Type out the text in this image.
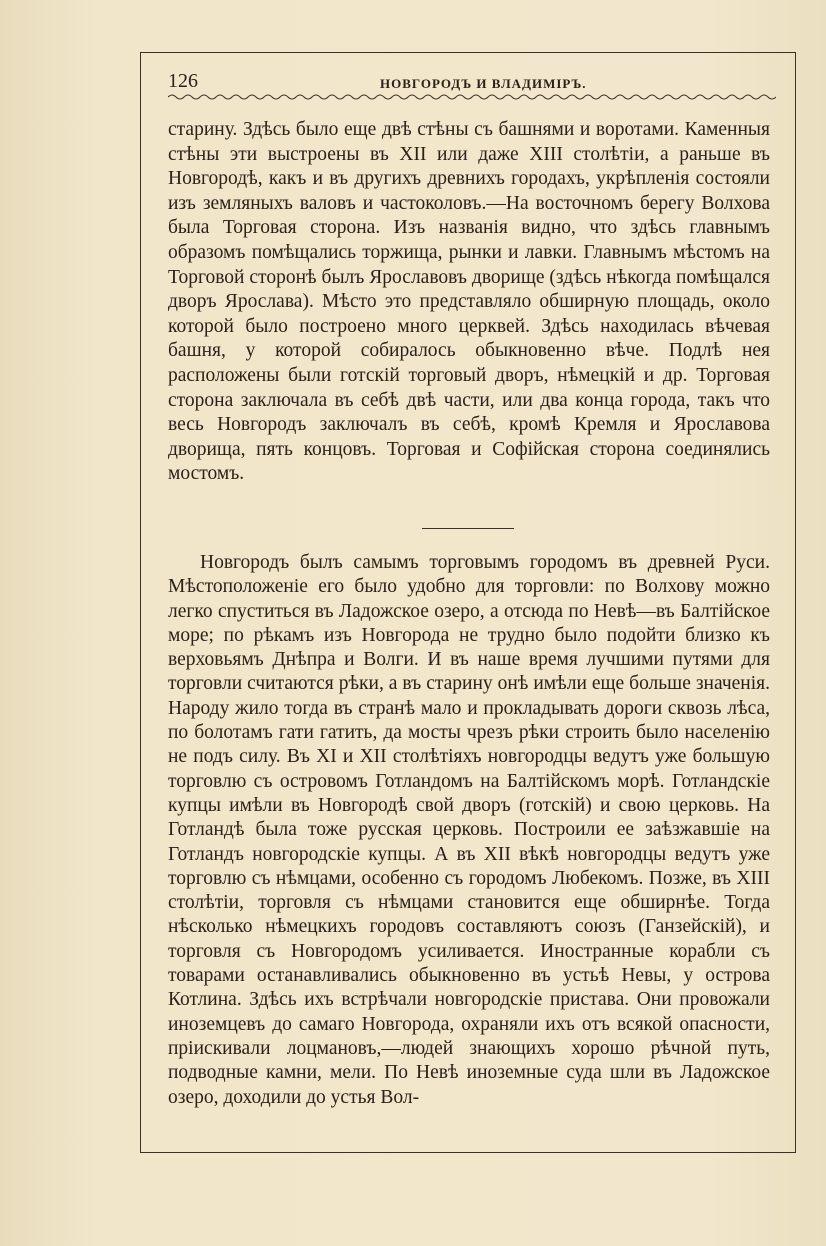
126	НОВГОРОДЪ И ВЛАДИМІРЪ.
старину. Здѣсь было еще двѣ стѣны съ башнями и воротами. Каменныя стѣны эти выстроены въ XII или даже XIII столѣтіи, а раньше въ Новгородѣ, какъ и въ другихъ древнихъ городахъ, укрѣпленія состояли изъ земляныхъ валовъ и частоколовъ.—На восточномъ берегу Волхова была Торговая сторона. Изъ названія видно, что здѣсь главнымъ образомъ помѣщались торжища, рынки и лавки. Главнымъ мѣстомъ на Торговой сторонѣ былъ Ярославовъ дворище (здѣсь нѣкогда помѣщался дворъ Ярослава). Мѣсто это представляло обширную площадь, около которой было построено много церквей. Здѣсь находилась вѣчевая башня, у которой собиралось обыкновенно вѣче. Подлѣ нея расположены были готскій торговый дворъ, нѣмецкій и др. Торговая сторона заключала въ себѣ двѣ части, или два конца города, такъ что весь Новгородъ заключалъ въ себѣ, кромѣ Кремля и Ярославова дворища, пять концовъ. Торговая и Софійская сторона соединялись мостомъ.
Новгородъ былъ самымъ торговымъ городомъ въ древней Руси. Мѣстоположеніе его было удобно для торговли: по Волхову можно легко спуститься въ Ладожское озеро, а отсюда по Невѣ—въ Балтійское море; по рѣкамъ изъ Новгорода не трудно было подойти близко къ верховьямъ Днѣпра и Волги. И въ наше время лучшими путями для торговли считаются рѣки, а въ старину онѣ имѣли еще больше значенія. Народу жило тогда въ странѣ мало и прокладывать дороги сквозь лѣса, по болотамъ гати гатить, да мосты чрезъ рѣки строить было населенію не подъ силу. Въ XI и XII столѣтіяхъ новгородцы ведутъ уже большую торговлю съ островомъ Готландомъ на Балтійскомъ морѣ. Готландскіе купцы имѣли въ Новгородѣ свой дворъ (готскій) и свою церковь. На Готландѣ была тоже русская церковь. Построили ее заѣзжавшіе на Готландъ новгородскіе купцы. А въ XII вѣкѣ новгородцы ведутъ уже торговлю съ нѣмцами, особенно съ городомъ Любекомъ. Позже, въ XIII столѣтіи, торговля съ нѣмцами становится еще обширнѣе. Тогда нѣсколько нѣмецкихъ городовъ составляютъ союзъ (Ганзейскій), и торговля съ Новгородомъ усиливается. Иностранные корабли съ товарами останавливались обыкновенно въ устьѣ Невы, у острова Котлина. Здѣсь ихъ встрѣчали новгородскіе пристава. Они провожали иноземцевъ до самаго Новгорода, охраняли ихъ отъ всякой опасности, пріискивали лоцмановъ,—людей знающихъ хорошо рѣчной путь, подводные камни, мели. По Невѣ иноземные суда шли въ Ладожское озеро, доходили до устья Вол-
